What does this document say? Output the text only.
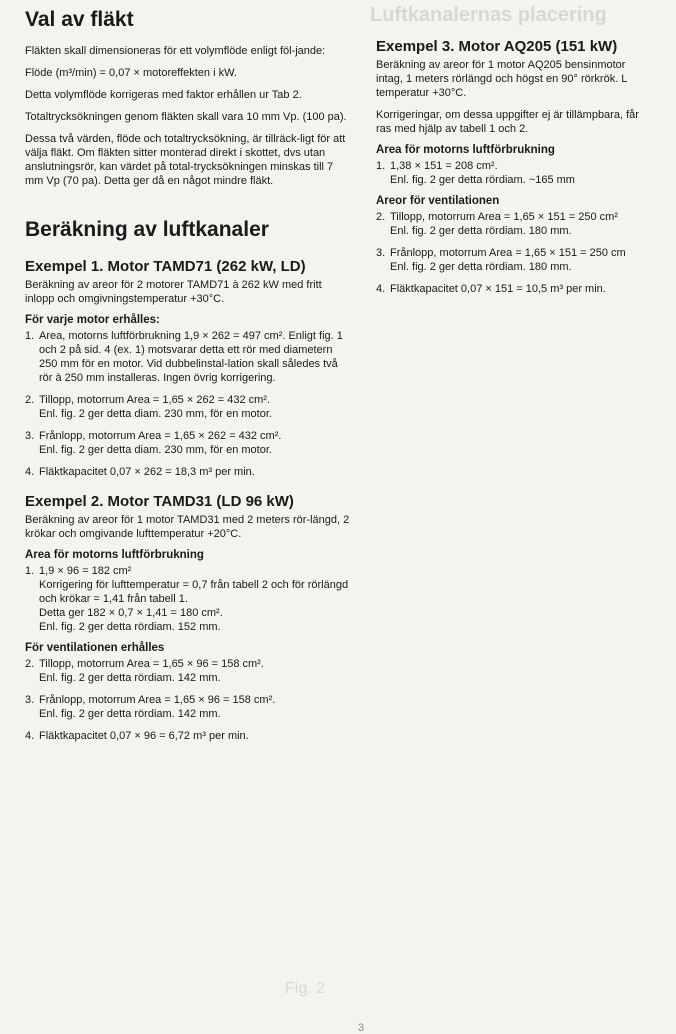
Luftkanalernas placering
Fig. 2
3
Val av fläkt

Fläkten skall dimensioneras för ett volymflöde enligt föl-jande:

Flöde (m³/min) = 0,07 × motoreffekten i kW.

Detta volymflöde korrigeras med faktor erhållen ur Tab 2.

Totaltrycksökningen genom fläkten skall vara 10 mm Vp. (100 pa).

Dessa två värden, flöde och totaltrycksökning, är tillräck-ligt för att välja fläkt. Om fläkten sitter monterad direkt i skottet, dvs utan anslutningsrör, kan värdet på total-trycksökningen minskas till 7 mm Vp (70 pa). Detta ger då en något mindre fläkt.

Beräkning av luftkanaler
Exempel 1. Motor TAMD71 (262 kW, LD)

Beräkning av areor för 2 motorer TAMD71 à 262 kW med fritt inlopp och omgivningstemperatur +30°C.

För varje motor erhålles:
1. Area, motorns luftförbrukning 1,9 × 262 = 497 cm². Enligt fig. 1 och 2 på sid. 4 (ex. 1) motsvarar detta ett rör med diametern 250 mm för en motor. Vid dubbelinstal-lation skall således två rör à 250 mm installeras. Ingen övrig korrigering.
2. Tillopp, motorrum Area = 1,65 × 262 = 432 cm².
Enl. fig. 2 ger detta diam. 230 mm, för en motor.
3. Frånlopp, motorrum Area = 1,65 × 262 = 432 cm².
Enl. fig. 2 ger detta diam. 230 mm, för en motor.
4. Fläktkapacitet 0,07 × 262 = 18,3 m³ per min.
Exempel 2. Motor TAMD31 (LD 96 kW)

Beräkning av areor för 1 motor TAMD31 med 2 meters rör-längd, 2 krökar och omgivande lufttemperatur +20°C.

Area för motorns luftförbrukning
1. 1,9 × 96 = 182 cm²
Korrigering för lufttemperatur = 0,7 från tabell 2 och för rörlängd och krökar = 1,41 från tabell 1.
Detta ger 182 × 0,7 × 1,41 = 180 cm².
Enl. fig. 2 ger detta rördiam. 152 mm.
För ventilationen erhålles
2. Tillopp, motorrum Area = 1,65 × 96 = 158 cm².
Enl. fig. 2 ger detta rördiam. 142 mm.
3. Frånlopp, motorrum Area = 1,65 × 96 = 158 cm².
Enl. fig. 2 ger detta rördiam. 142 mm.
4. Fläktkapacitet 0,07 × 96 = 6,72 m³ per min.
Exempel 3. Motor AQ205 (151 kW)

Beräkning av areor för 1 motor AQ205 bensinmotor
intag, 1 meters rörlängd och högst en 90° rörkrök. L
temperatur +30°C.

Korrigeringar, om dessa uppgifter ej är tillämpbara, får
ras med hjälp av tabell 1 och 2.

Area för motorns luftförbrukning
1. 1,38 × 151 = 208 cm².
Enl. fig. 2 ger detta rördiam. ~165 mm
Areor för ventilationen
2. Tillopp, motorrum Area = 1,65 × 151 = 250 cm²
Enl. fig. 2 ger detta rördiam. 180 mm.
3. Frånlopp, motorrum Area = 1,65 × 151 = 250 cm
Enl. fig. 2 ger detta rördiam. 180 mm.
4. Fläktkapacitet 0,07 × 151 = 10,5 m³ per min.
